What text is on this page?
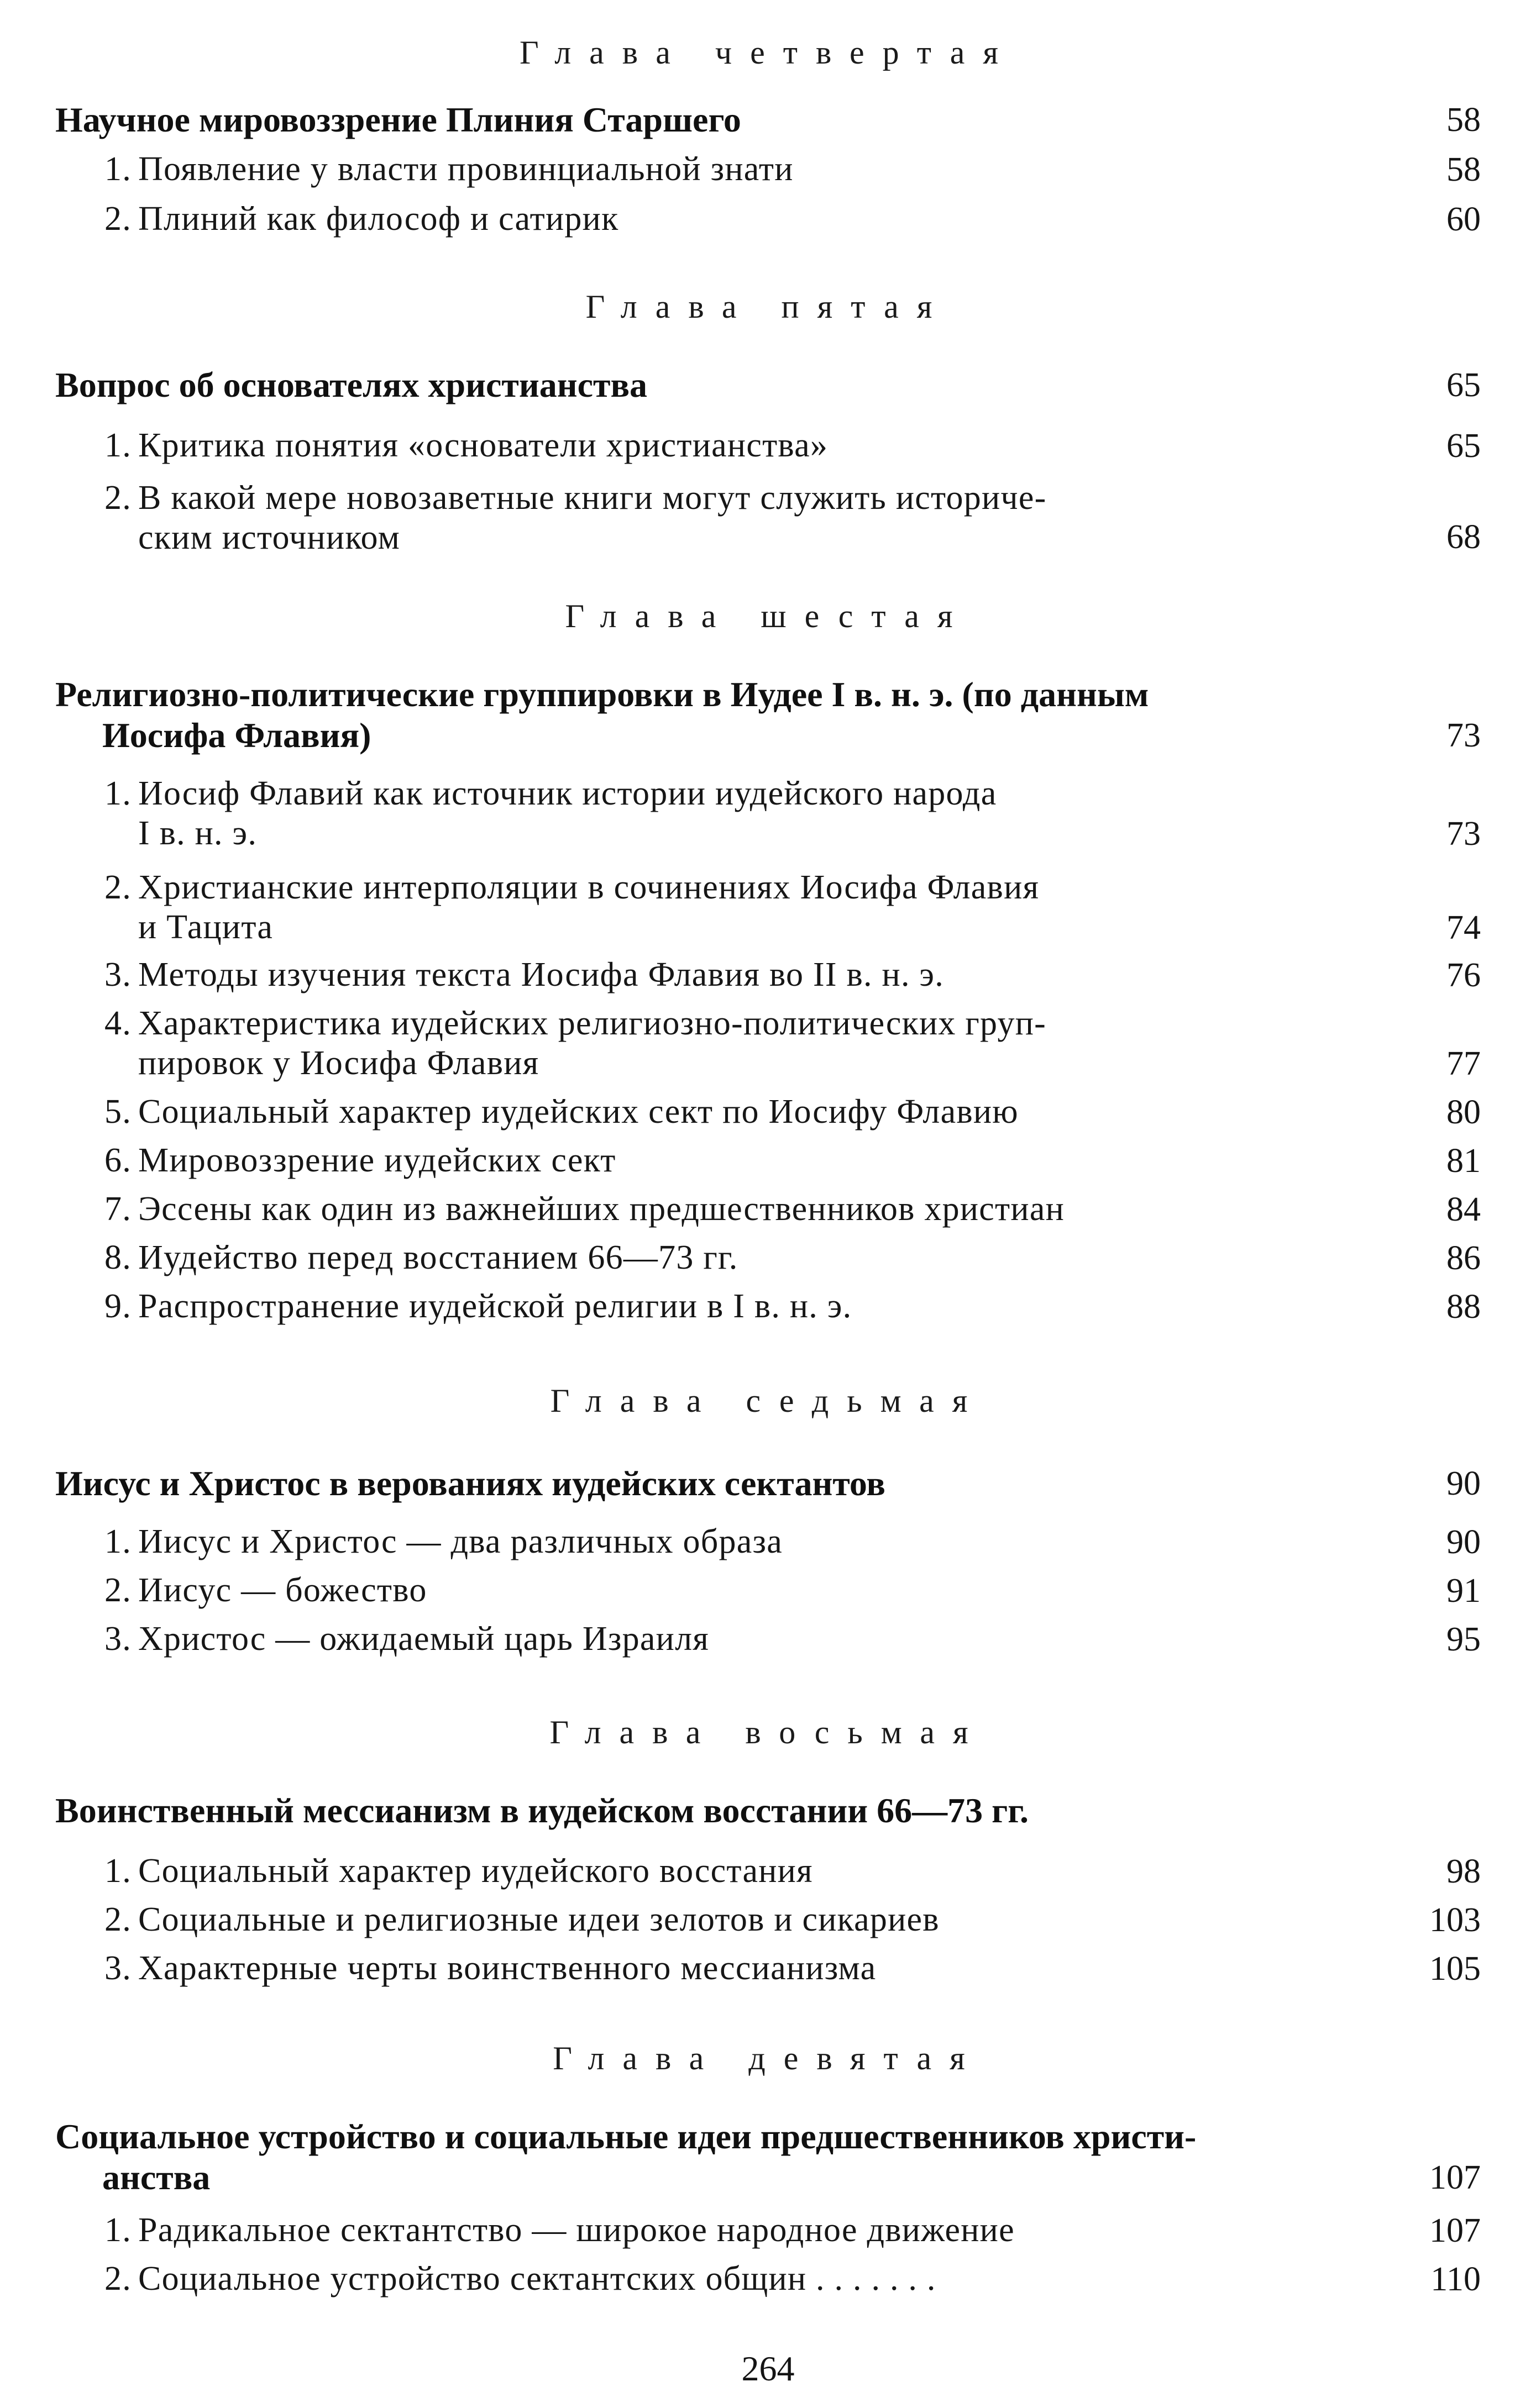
Глава четвертая
Научное мировоззрение Плиния Старшего	58
1. Появление у власти провинциальной знати	58
2. Плиний как философ и сатирик	60
Глава пятая
Вопрос об основателях христианства	65
1. Критика понятия «основатели христианства»	65
2. В какой мере новозаветные книги могут служить историче-
ским источником	68
Глава шестая
Религиозно-политические группировки в Иудее I в. н. э. (по данным
Иосифа Флавия)	73
1. Иосиф Флавий как источник истории иудейского народа
I в. н. э.	73
2. Христианские интерполяции в сочинениях Иосифа Флавия
и Тацита	74
3. Методы изучения текста Иосифа Флавия во II в. н. э.	76
4. Характеристика иудейских религиозно-политических груп-
пировок у Иосифа Флавия	77
5. Социальный характер иудейских сект по Иосифу Флавию	80
6. Мировоззрение иудейских сект	81
7. Эссены как один из важнейших предшественников христиан	84
8. Иудейство перед восстанием 66—73 гг.	86
9. Распространение иудейской религии в I в. н. э.	88
Глава седьмая
Иисус и Христос в верованиях иудейских сектантов	90
1. Иисус и Христос — два различных образа	90
2. Иисус — божество	91
3. Христос — ожидаемый царь Израиля	95
Глава восьмая
Воинственный мессианизм в иудейском восстании 66—73 гг.
1. Социальный характер иудейского восстания	98
2. Социальные и религиозные идеи зелотов и сикариев	103
3. Характерные черты воинственного мессианизма	105
Глава девятая
Социальное устройство и социальные идеи предшественников христи-
анства	107
1. Радикальное сектантство — широкое народное движение	107
2. Социальное устройство сектантских общин . . . . . . .	110
264
